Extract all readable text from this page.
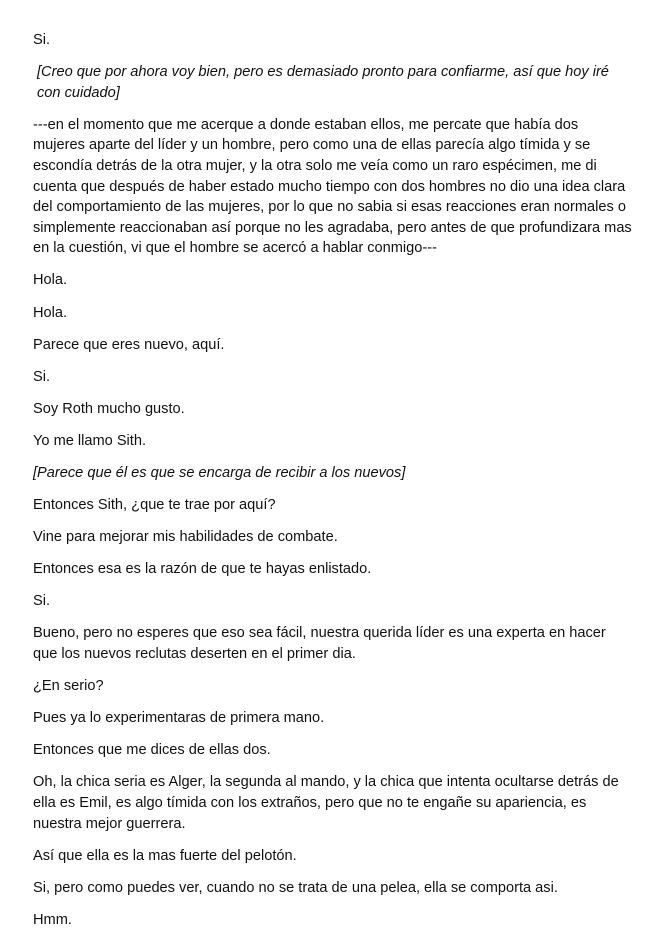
Si.

[Creo que por ahora voy bien, pero es demasiado pronto para confiarme, así que hoy iré con cuidado]

---en el momento que me acerque a donde estaban ellos, me percate que había dos mujeres aparte del líder y un hombre, pero como una de ellas parecía algo tímida y se escondía detrás de la otra mujer, y la otra solo me veía como un raro espécimen, me di cuenta que después de haber estado mucho tiempo con dos hombres no dio una idea clara del comportamiento de las mujeres, por lo que no sabia si esas reacciones eran normales o simplemente reaccionaban así porque no les agradaba, pero antes de que profundizara mas en la cuestión, vi que el hombre se acercó a hablar conmigo---

Hola.

Hola.

Parece que eres nuevo, aquí.

Si.

Soy Roth mucho gusto.

Yo me llamo Sith.

[Parece que él es que se encarga de recibir a los nuevos]

Entonces Sith, ¿que te trae por aquí?

Vine para mejorar mis habilidades de combate.

Entonces esa es la razón de que te hayas enlistado.

Si.

Bueno, pero no esperes que eso sea fácil, nuestra querida líder es una experta en hacer que los nuevos reclutas deserten en el primer dia.

¿En serio?

Pues ya lo experimentaras de primera mano.

Entonces que me dices de ellas dos.

Oh, la chica seria es Alger, la segunda al mando, y la chica que intenta ocultarse detrás de ella es Emil, es algo tímida con los extraños, pero que no te engañe su apariencia, es nuestra mejor guerrera.

Así que ella es la mas fuerte del pelotón.

Si, pero como puedes ver, cuando no se trata de una pelea, ella se comporta asi.

Hmm.
